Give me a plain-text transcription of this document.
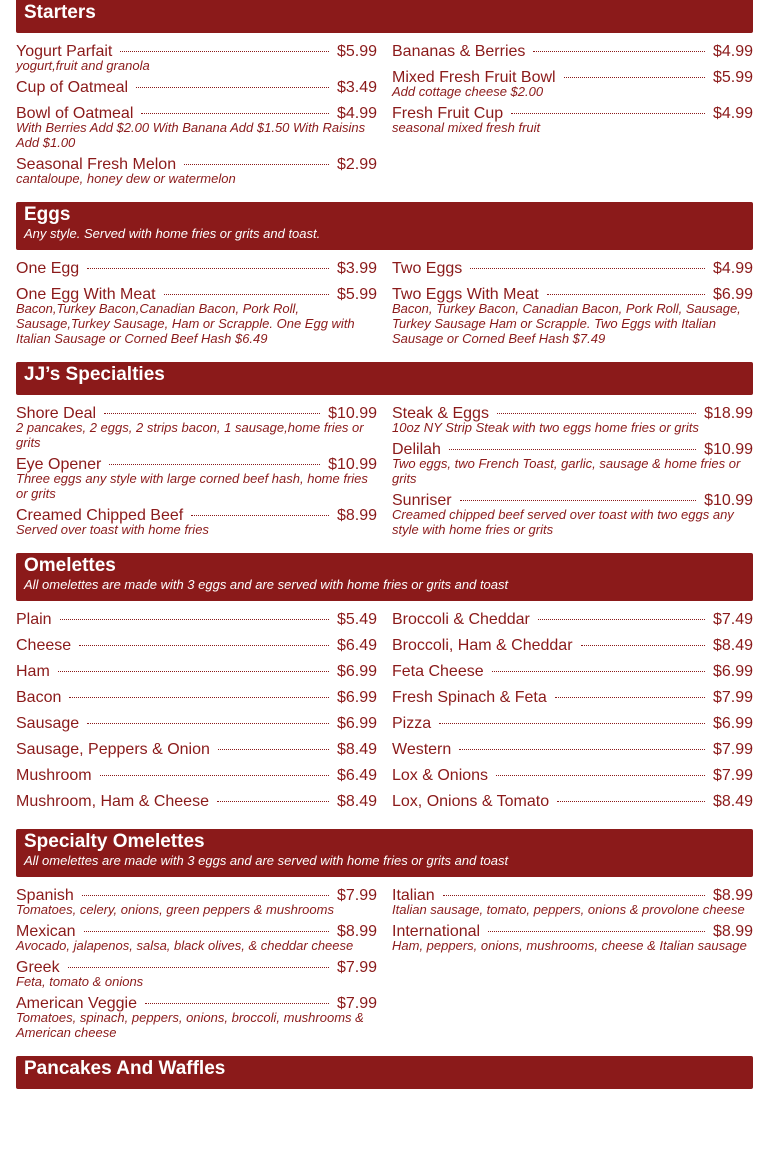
Starters
Yogurt Parfait	$5.99
yogurt,fruit and granola
Cup of Oatmeal	$3.49
Bowl of Oatmeal	$4.99
With Berries Add $2.00 With Banana Add $1.50 With Raisins Add $1.00
Seasonal Fresh Melon	$2.99
cantaloupe, honey dew or watermelon
Bananas & Berries	$4.99
Mixed Fresh Fruit Bowl	$5.99
Add cottage cheese $2.00
Fresh Fruit Cup	$4.99
seasonal mixed fresh fruit
Eggs
Any style. Served with home fries or grits and toast.
One Egg	$3.99
One Egg With Meat	$5.99
Bacon,Turkey Bacon,Canadian Bacon, Pork Roll, Sausage,Turkey Sausage, Ham or Scrapple. One Egg with Italian Sausage or Corned Beef Hash $6.49
Two Eggs	$4.99
Two Eggs With Meat	$6.99
Bacon, Turkey Bacon, Canadian Bacon, Pork Roll, Sausage, Turkey Sausage Ham or Scrapple. Two Eggs with Italian Sausage or Corned Beef Hash $7.49
JJ’s Specialties
Shore Deal	$10.99
2 pancakes, 2 eggs, 2 strips bacon, 1 sausage,home fries or grits
Eye Opener	$10.99
Three eggs any style with large corned beef hash, home fries or grits
Creamed Chipped Beef	$8.99
Served over toast with home fries
Steak & Eggs	$18.99
10oz NY Strip Steak with two eggs home fries or grits
Delilah	$10.99
Two eggs, two French Toast, garlic, sausage & home fries or grits
Sunriser	$10.99
Creamed chipped beef served over toast with two eggs any style with home fries or grits
Omelettes
All omelettes are made with 3 eggs and are served with home fries or grits and toast
Plain	$5.49
Cheese	$6.49
Ham	$6.99
Bacon	$6.99
Sausage	$6.99
Sausage, Peppers & Onion	$8.49
Mushroom	$6.49
Mushroom, Ham & Cheese	$8.49
Broccoli & Cheddar	$7.49
Broccoli, Ham & Cheddar	$8.49
Feta Cheese	$6.99
Fresh Spinach & Feta	$7.99
Pizza	$6.99
Western	$7.99
Lox & Onions	$7.99
Lox, Onions & Tomato	$8.49
Specialty Omelettes
All omelettes are made with 3 eggs and are served with home fries or grits and toast
Spanish	$7.99
Tomatoes, celery, onions, green peppers & mushrooms
Mexican	$8.99
Avocado, jalapenos, salsa, black olives, & cheddar cheese
Greek	$7.99
Feta, tomato & onions
American Veggie	$7.99
Tomatoes, spinach, peppers, onions, broccoli, mushrooms & American cheese
Italian	$8.99
Italian sausage, tomato, peppers, onions & provolone cheese
International	$8.99
Ham, peppers, onions, mushrooms, cheese & Italian sausage
Pancakes And Waffles
